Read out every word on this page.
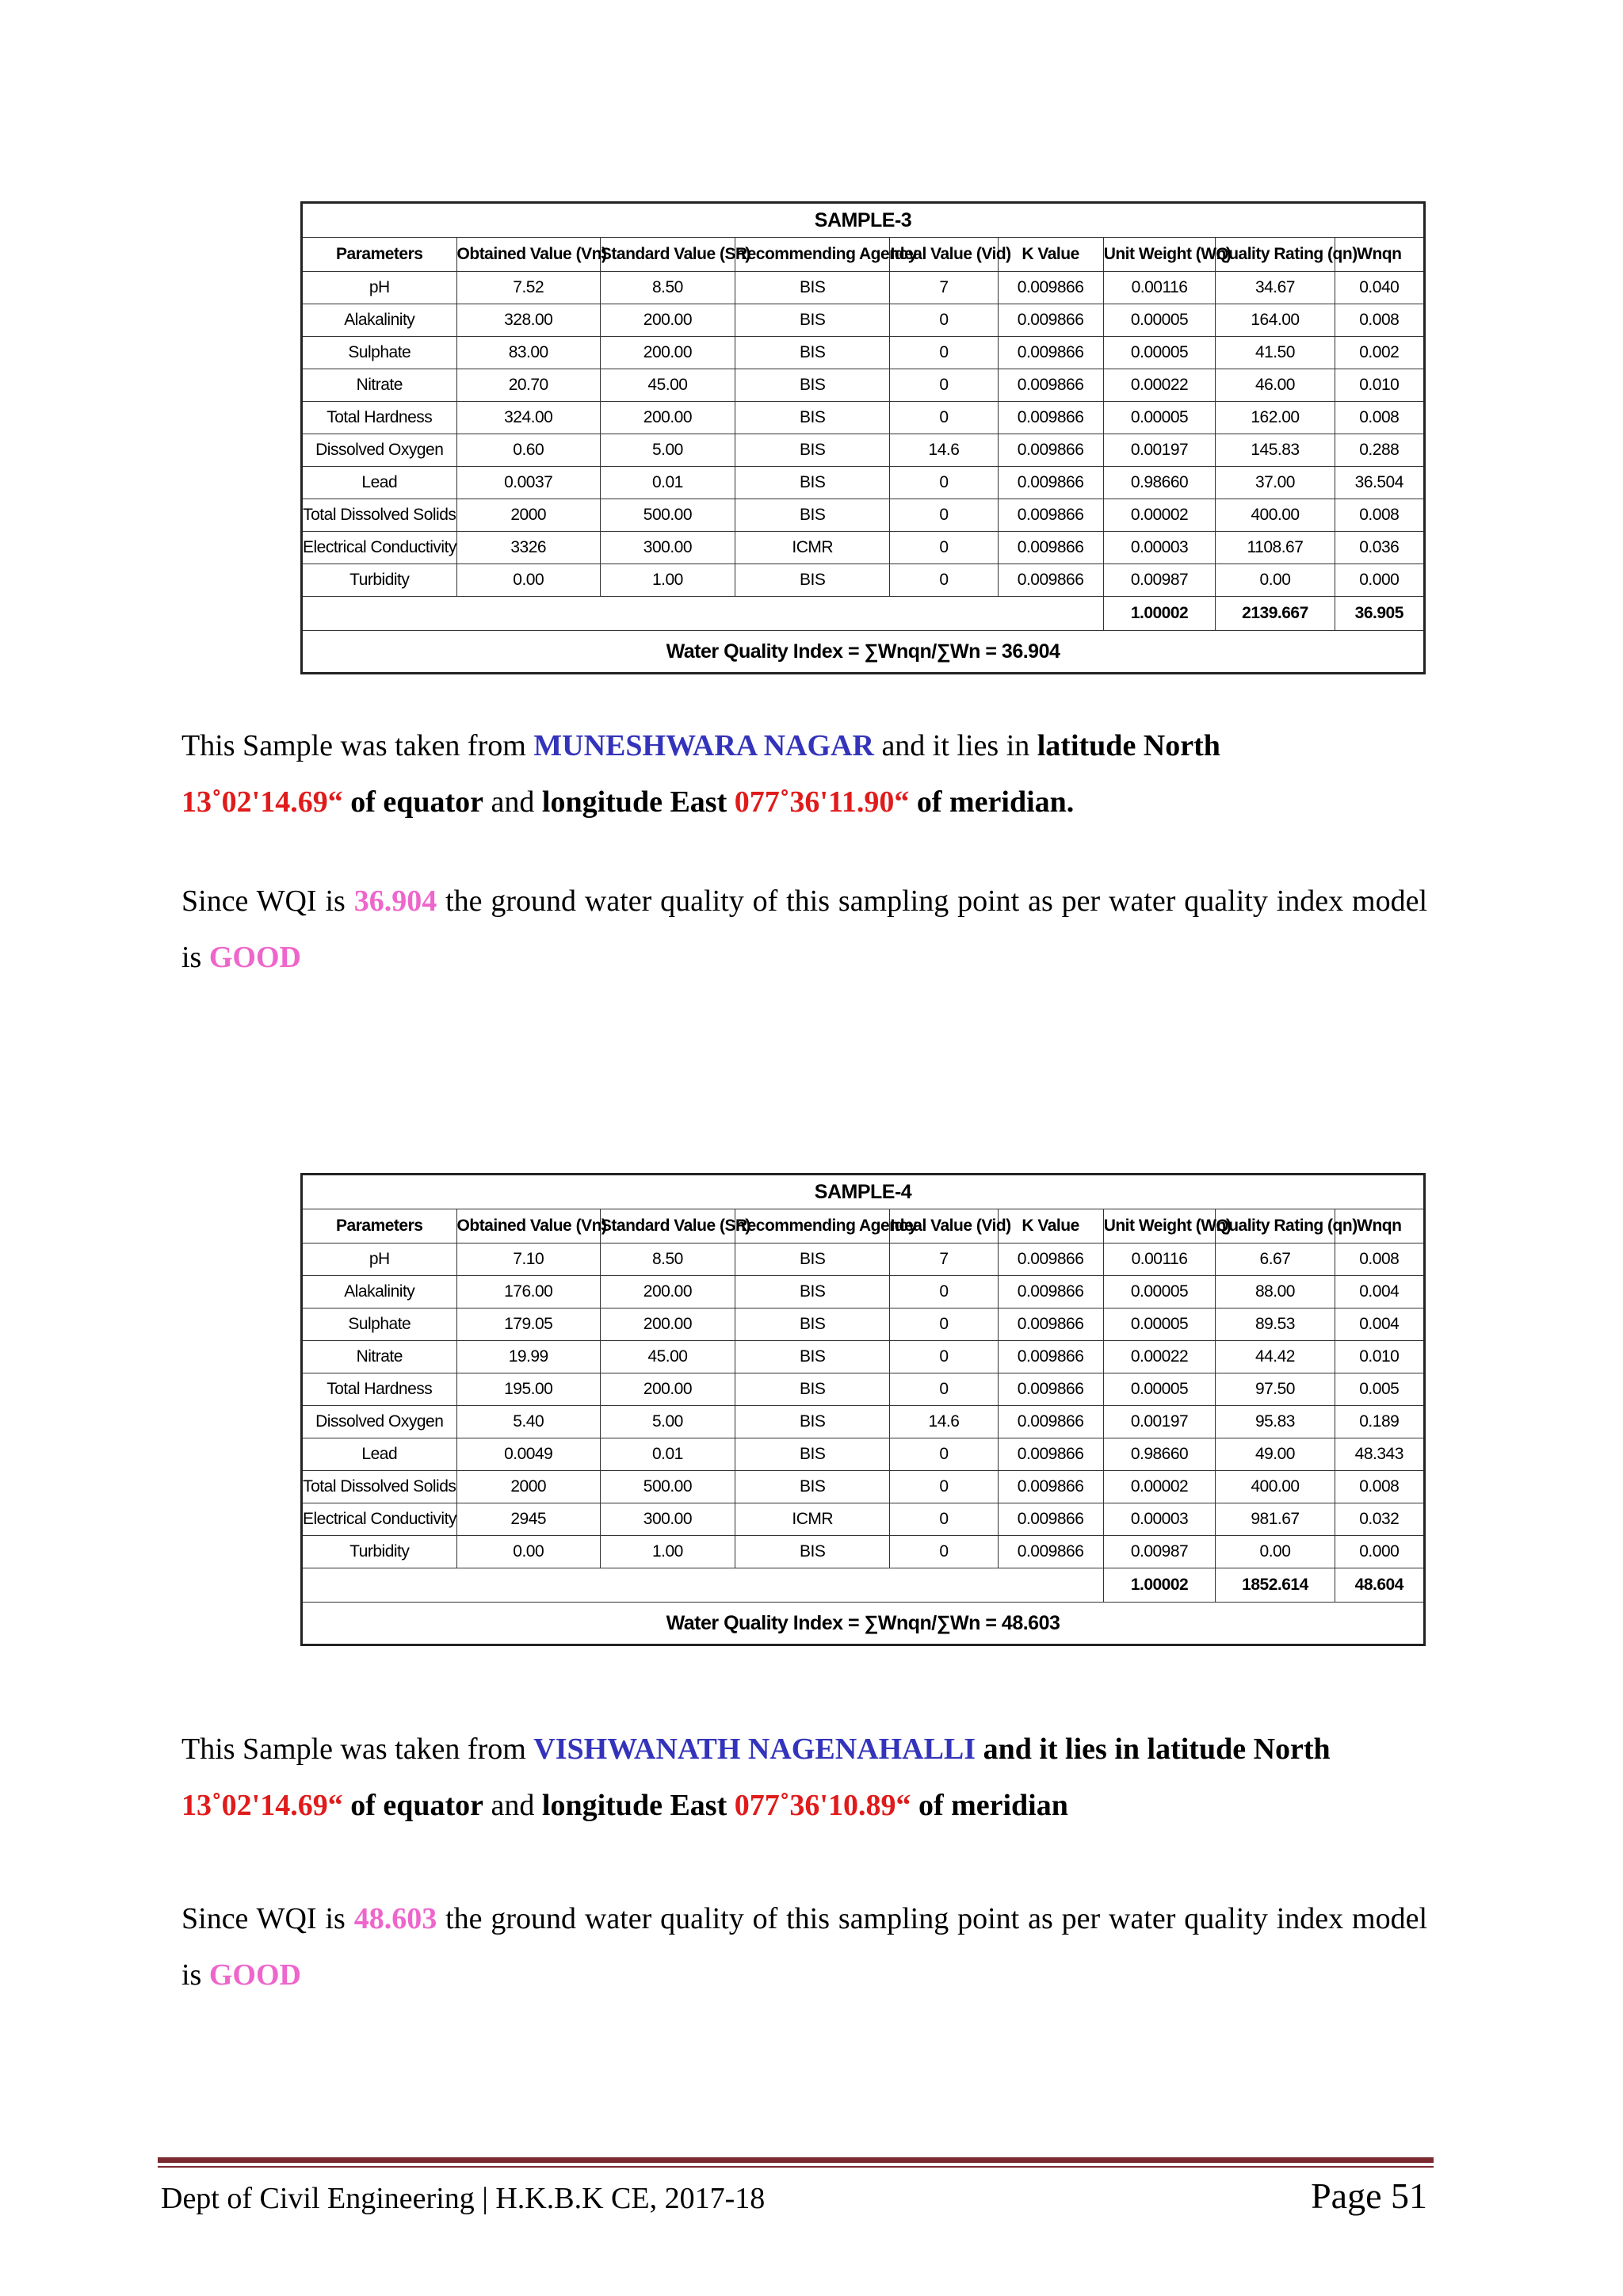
SAMPLE-3								
Parameters	Obtained Value (Vn)	Standard Value (Sn)	Recommending Agency	Ideal Value (Vid)	K Value	Unit Weight (Wn)	Quality Rating (qn)	Wnqn
pH	7.52	8.50	BIS	7	0.009866	0.00116	34.67	0.040
Alakalinity	328.00	200.00	BIS	0	0.009866	0.00005	164.00	0.008
Sulphate	83.00	200.00	BIS	0	0.009866	0.00005	41.50	0.002
Nitrate	20.70	45.00	BIS	0	0.009866	0.00022	46.00	0.010
Total Hardness	324.00	200.00	BIS	0	0.009866	0.00005	162.00	0.008
Dissolved Oxygen	0.60	5.00	BIS	14.6	0.009866	0.00197	145.83	0.288
Lead	0.0037	0.01	BIS	0	0.009866	0.98660	37.00	36.504
Total Dissolved Solids	2000	500.00	BIS	0	0.009866	0.00002	400.00	0.008
Electrical Conductivity	3326	300.00	ICMR	0	0.009866	0.00003	1108.67	0.036
Turbidity	0.00	1.00	BIS	0	0.009866	0.00987	0.00	0.000
						1.00002	2139.667	36.905
Water Quality Index = ∑Wnqn/∑Wn = 36.904								

This Sample was taken from MUNESHWARA NAGAR and it lies in latitude North
13˚02'14.69“ of equator and longitude East 077˚36'11.90“ of meridian.

Since WQI is 36.904 the ground water quality of this sampling point as per water quality index model is GOOD

SAMPLE-4								
Parameters	Obtained Value (Vn)	Standard Value (Sn)	Recommending Agency	Ideal Value (Vid)	K Value	Unit Weight (Wn)	Quality Rating (qn)	Wnqn
pH	7.10	8.50	BIS	7	0.009866	0.00116	6.67	0.008
Alakalinity	176.00	200.00	BIS	0	0.009866	0.00005	88.00	0.004
Sulphate	179.05	200.00	BIS	0	0.009866	0.00005	89.53	0.004
Nitrate	19.99	45.00	BIS	0	0.009866	0.00022	44.42	0.010
Total Hardness	195.00	200.00	BIS	0	0.009866	0.00005	97.50	0.005
Dissolved Oxygen	5.40	5.00	BIS	14.6	0.009866	0.00197	95.83	0.189
Lead	0.0049	0.01	BIS	0	0.009866	0.98660	49.00	48.343
Total Dissolved Solids	2000	500.00	BIS	0	0.009866	0.00002	400.00	0.008
Electrical Conductivity	2945	300.00	ICMR	0	0.009866	0.00003	981.67	0.032
Turbidity	0.00	1.00	BIS	0	0.009866	0.00987	0.00	0.000
						1.00002	1852.614	48.604
Water Quality Index = ∑Wnqn/∑Wn = 48.603								

This Sample was taken from VISHWANATH NAGENAHALLI and it lies in latitude North
13˚02'14.69“ of equator and longitude East 077˚36'10.89“ of meridian

Since WQI is 48.603 the ground water quality of this sampling point as per water quality index model is GOOD

Dept of Civil Engineering | H.K.B.K CE, 2017-18	Page 51
